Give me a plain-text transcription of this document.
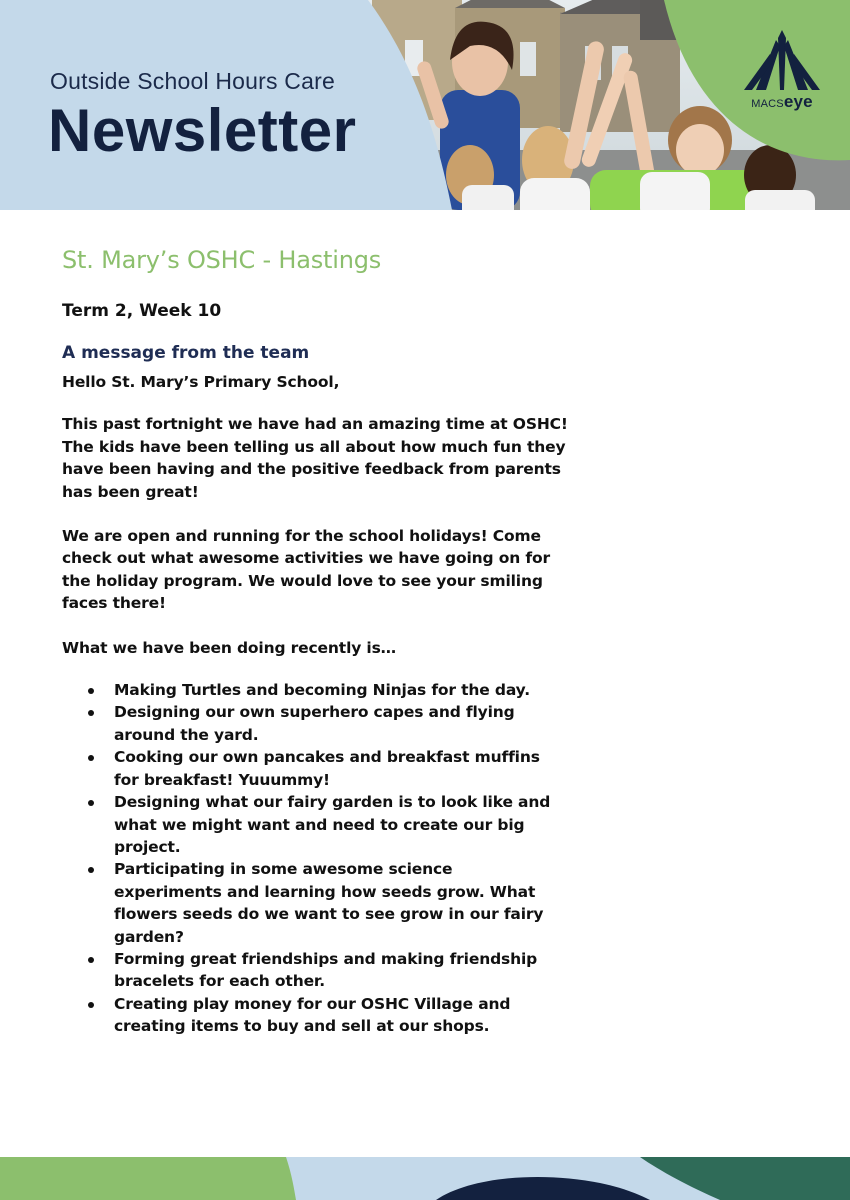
Outside School Hours Care
Newsletter	MACSeye
St. Mary’s OSHC - Hastings
Term 2, Week 10
A message from the team

Hello St. Mary’s Primary School,

This past fortnight we have had an amazing time at OSHC! The kids have been telling us all about how much fun they have been having and the positive feedback from parents has been great!

We are open and running for the school holidays! Come check out what awesome activities we have going on for the holiday program. We would love to see your smiling faces there!

What we have been doing recently is…

Making Turtles and becoming Ninjas for the day.
Designing our own superhero capes and flying around the yard.
Cooking our own pancakes and breakfast muffins for breakfast! Yuuummy!
Designing what our fairy garden is to look like and what we might want and need to create our big project.
Participating in some awesome science experiments and learning how seeds grow. What flowers seeds do we want to see grow in our fairy garden?
Forming great friendships and making friendship bracelets for each other.
Creating play money for our OSHC Village and creating items to buy and sell at our shops.
